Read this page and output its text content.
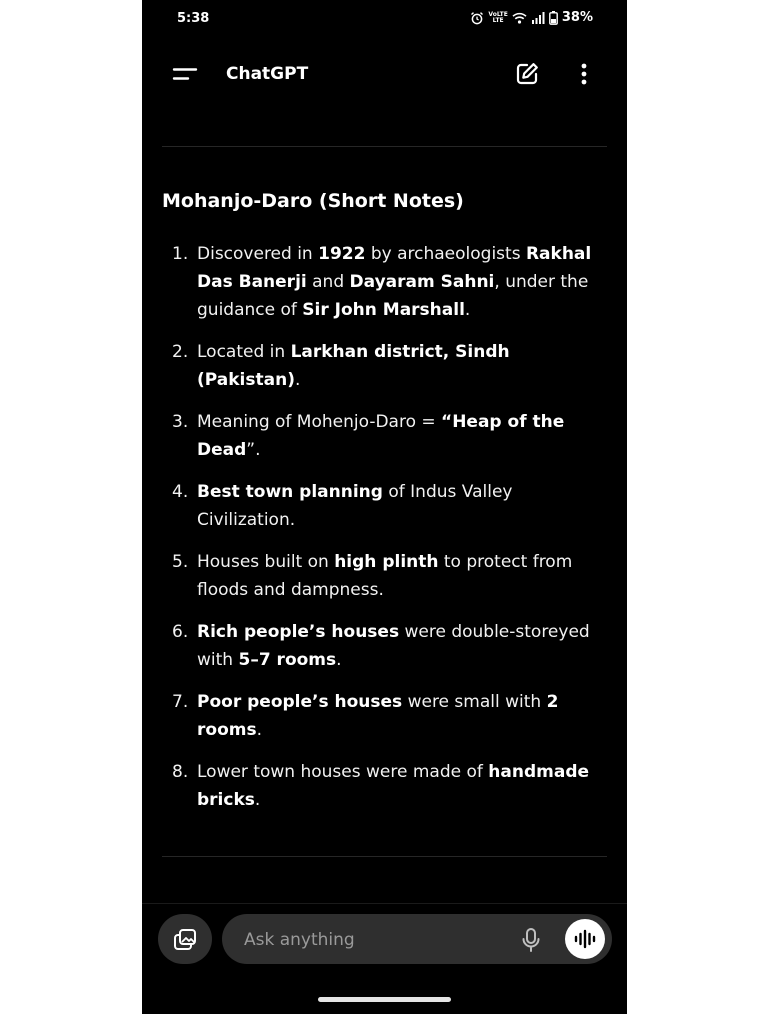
5:38	VoLTE
LTE	38%
ChatGPT
Mohanjo-Daro (Short Notes)
1. Discovered in 1922 by archaeologists Rakhal Das Banerji and Dayaram Sahni, under the guidance of Sir John Marshall.
2. Located in Larkhan district, Sindh (Pakistan).
3. Meaning of Mohenjo-Daro = “Heap of the Dead”.
4. Best town planning of Indus Valley Civilization.
5. Houses built on high plinth to protect from floods and dampness.
6. Rich people’s houses were double-storeyed with 5–7 rooms.
7. Poor people’s houses were small with 2 rooms.
8. Lower town houses were made of handmade bricks.
Ask anything
